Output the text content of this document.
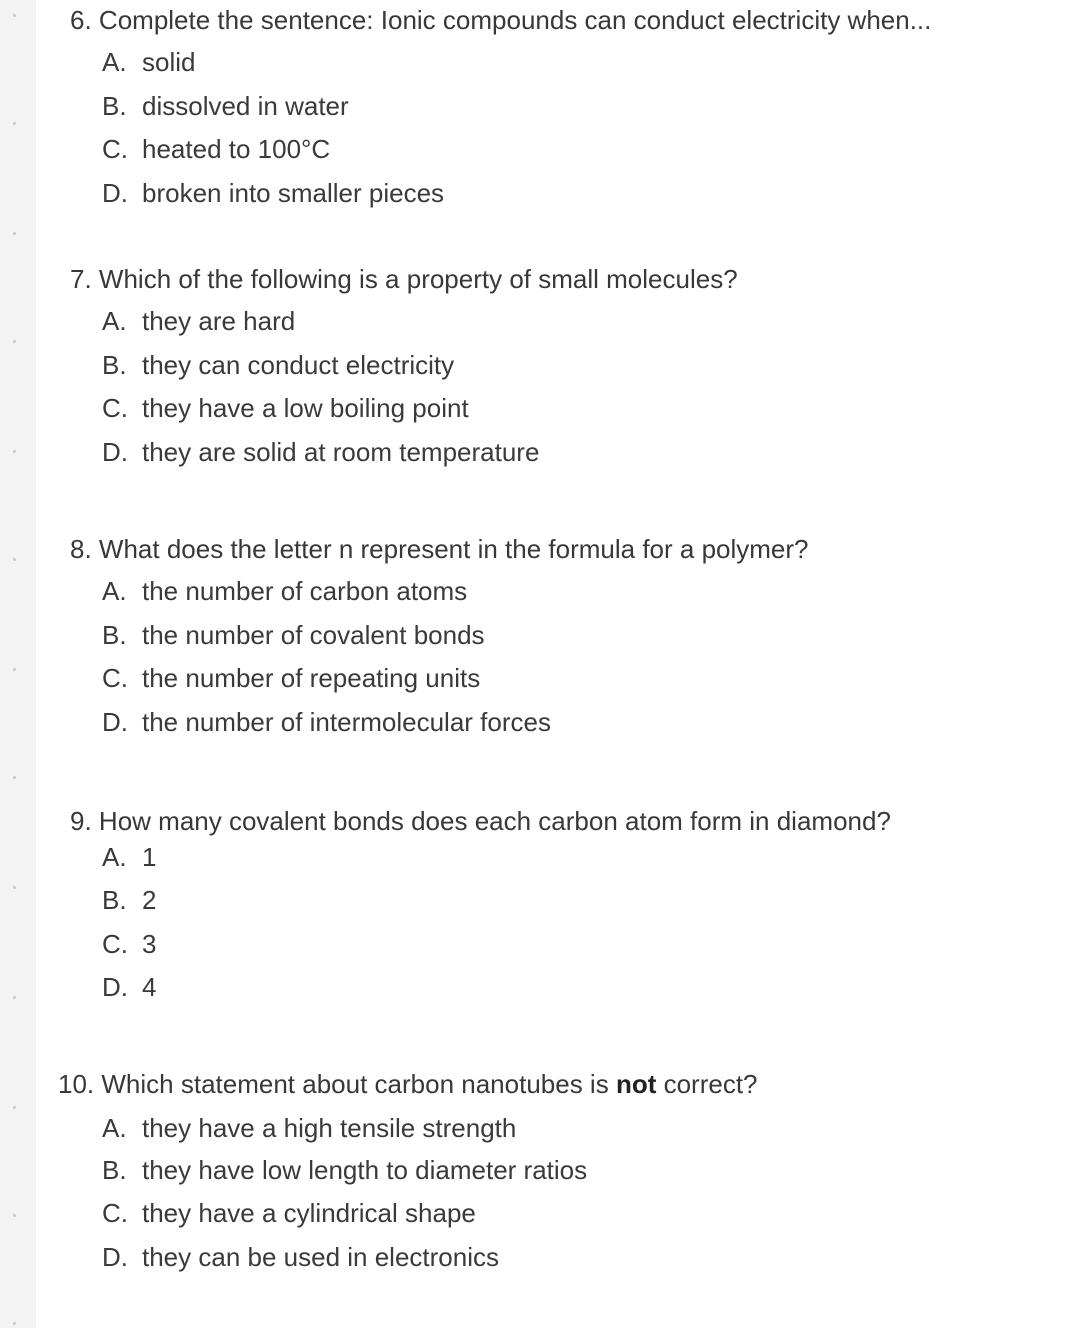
6. Complete the sentence: Ionic compounds can conduct electricity when...
A. solid
B. dissolved in water
C. heated to 100°C
D. broken into smaller pieces
7. Which of the following is a property of small molecules?
A. they are hard
B. they can conduct electricity
C. they have a low boiling point
D. they are solid at room temperature
8. What does the letter n represent in the formula for a polymer?
A. the number of carbon atoms
B. the number of covalent bonds
C. the number of repeating units
D. the number of intermolecular forces
9. How many covalent bonds does each carbon atom form in diamond?
A. 1
B. 2
C. 3
D. 4
10. Which statement about carbon nanotubes is not correct?
A. they have a high tensile strength
B. they have low length to diameter ratios
C. they have a cylindrical shape
D. they can be used in electronics
